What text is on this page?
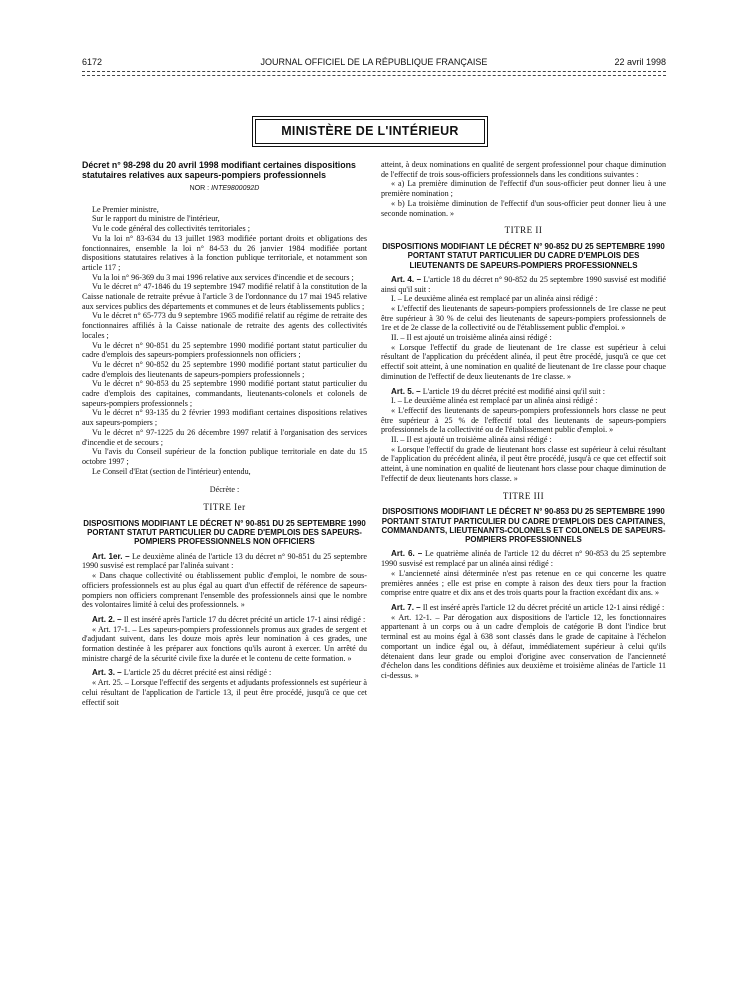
6172	JOURNAL OFFICIEL DE LA RÉPUBLIQUE FRANÇAISE	22 avril 1998
MINISTÈRE DE L'INTÉRIEUR
Décret n° 98-298 du 20 avril 1998 modifiant certaines dispositions statutaires relatives aux sapeurs-pompiers professionnels
NOR : INTE9800092D

Le Premier ministre,

Sur le rapport du ministre de l'intérieur,

Vu le code général des collectivités territoriales ;

Vu la loi n° 83-634 du 13 juillet 1983 modifiée portant droits et obligations des fonctionnaires, ensemble la loi n° 84-53 du 26 janvier 1984 modifiée portant dispositions statutaires relatives à la fonction publique territoriale, et notamment son article 117 ;

Vu la loi n° 96-369 du 3 mai 1996 relative aux services d'incendie et de secours ;

Vu le décret n° 47-1846 du 19 septembre 1947 modifié relatif à la constitution de la Caisse nationale de retraite prévue à l'article 3 de l'ordonnance du 17 mai 1945 relative aux services publics des départements et communes et de leurs établissements publics ;

Vu le décret n° 65-773 du 9 septembre 1965 modifié relatif au régime de retraite des fonctionnaires affiliés à la Caisse nationale de retraite des agents des collectivités locales ;

Vu le décret n° 90-851 du 25 septembre 1990 modifié portant statut particulier du cadre d'emplois des sapeurs-pompiers professionnels non officiers ;

Vu le décret n° 90-852 du 25 septembre 1990 modifié portant statut particulier du cadre d'emplois des lieutenants de sapeurs-pompiers professionnels ;

Vu le décret n° 90-853 du 25 septembre 1990 modifié portant statut particulier du cadre d'emplois des capitaines, commandants, lieutenants-colonels et colonels de sapeurs-pompiers professionnels ;

Vu le décret n° 93-135 du 2 février 1993 modifiant certaines dispositions relatives aux sapeurs-pompiers ;

Vu le décret n° 97-1225 du 26 décembre 1997 relatif à l'organisation des services d'incendie et de secours ;

Vu l'avis du Conseil supérieur de la fonction publique territoriale en date du 15 octobre 1997 ;

Le Conseil d'Etat (section de l'intérieur) entendu,

Décrète :
TITRE Ier
DISPOSITIONS MODIFIANT LE DÉCRET N° 90-851 DU 25 SEPTEMBRE 1990 PORTANT STATUT PARTICULIER DU CADRE D'EMPLOIS DES SAPEURS-POMPIERS PROFESSIONNELS NON OFFICIERS

Art. 1er. – Le deuxième alinéa de l'article 13 du décret n° 90-851 du 25 septembre 1990 susvisé est remplacé par l'alinéa suivant :

« Dans chaque collectivité ou établissement public d'emploi, le nombre de sous-officiers professionnels est au plus égal au quart d'un effectif de référence de sapeurs-pompiers non officiers comprenant l'ensemble des professionnels ainsi que le nombre des volontaires limité à celui des professionnels. »

Art. 2. – Il est inséré après l'article 17 du décret précité un article 17-1 ainsi rédigé :

« Art. 17-1. – Les sapeurs-pompiers professionnels promus aux grades de sergent et d'adjudant suivent, dans les douze mois après leur nomination à ces grades, une formation destinée à les préparer aux fonctions qu'ils auront à exercer. Un arrêté du ministre chargé de la sécurité civile fixe la durée et le contenu de cette formation. »

Art. 3. – L'article 25 du décret précité est ainsi rédigé :

« Art. 25. – Lorsque l'effectif des sergents et adjudants professionnels est supérieur à celui résultant de l'application de l'article 13, il peut être procédé, jusqu'à ce que cet effectif soit

atteint, à deux nominations en qualité de sergent professionnel pour chaque diminution de l'effectif de trois sous-officiers professionnels dans les conditions suivantes :

« a) La première diminution de l'effectif d'un sous-officier peut donner lieu à une première nomination ;

« b) La troisième diminution de l'effectif d'un sous-officier peut donner lieu à une seconde nomination. »

TITRE II
DISPOSITIONS MODIFIANT LE DÉCRET N° 90-852 DU 25 SEPTEMBRE 1990 PORTANT STATUT PARTICULIER DU CADRE D'EMPLOIS DES LIEUTENANTS DE SAPEURS-POMPIERS PROFESSIONNELS

Art. 4. – L'article 18 du décret n° 90-852 du 25 septembre 1990 susvisé est modifié ainsi qu'il suit :

I. – Le deuxième alinéa est remplacé par un alinéa ainsi rédigé :

« L'effectif des lieutenants de sapeurs-pompiers professionnels de 1re classe ne peut être supérieur à 30 % de celui des lieutenants de sapeurs-pompiers professionnels de 1re et de 2e classe de la collectivité ou de l'établissement public d'emploi. »

II. – Il est ajouté un troisième alinéa ainsi rédigé :

« Lorsque l'effectif du grade de lieutenant de 1re classe est supérieur à celui résultant de l'application du précédent alinéa, il peut être procédé, jusqu'à ce que cet effectif soit atteint, à une nomination en qualité de lieutenant de 1re classe pour chaque diminution de l'effectif de deux lieutenants de 1re classe. »

Art. 5. – L'article 19 du décret précité est modifié ainsi qu'il suit :

I. – Le deuxième alinéa est remplacé par un alinéa ainsi rédigé :

« L'effectif des lieutenants de sapeurs-pompiers professionnels hors classe ne peut être supérieur à 25 % de l'effectif total des lieutenants de sapeurs-pompiers professionnels de la collectivité ou de l'établissement public d'emploi. »

II. – Il est ajouté un troisième alinéa ainsi rédigé :

« Lorsque l'effectif du grade de lieutenant hors classe est supérieur à celui résultant de l'application du précédent alinéa, il peut être procédé, jusqu'à ce que cet effectif soit atteint, à une nomination en qualité de lieutenant hors classe pour chaque diminution de l'effectif de deux lieutenants hors classe. »

TITRE III
DISPOSITIONS MODIFIANT LE DÉCRET N° 90-853 DU 25 SEPTEMBRE 1990 PORTANT STATUT PARTICULIER DU CADRE D'EMPLOIS DES CAPITAINES, COMMANDANTS, LIEUTENANTS-COLONELS ET COLONELS DE SAPEURS-POMPIERS PROFESSIONNELS

Art. 6. – Le quatrième alinéa de l'article 12 du décret n° 90-853 du 25 septembre 1990 susvisé est remplacé par un alinéa ainsi rédigé :

« L'ancienneté ainsi déterminée n'est pas retenue en ce qui concerne les quatre premières années ; elle est prise en compte à raison des deux tiers pour la fraction comprise entre quatre et dix ans et des trois quarts pour la fraction excédant dix ans. »

Art. 7. – Il est inséré après l'article 12 du décret précité un article 12-1 ainsi rédigé :

« Art. 12-1. – Par dérogation aux dispositions de l'article 12, les fonctionnaires appartenant à un corps ou à un cadre d'emplois de catégorie B dont l'indice brut terminal est au moins égal à 638 sont classés dans le grade de capitaine à l'échelon comportant un indice égal ou, à défaut, immédiatement supérieur à celui qu'ils détenaient dans leur grade ou emploi d'origine avec conservation de l'ancienneté d'échelon dans les conditions définies aux deuxième et troisième alinéas de l'article 11 ci-dessus. »
